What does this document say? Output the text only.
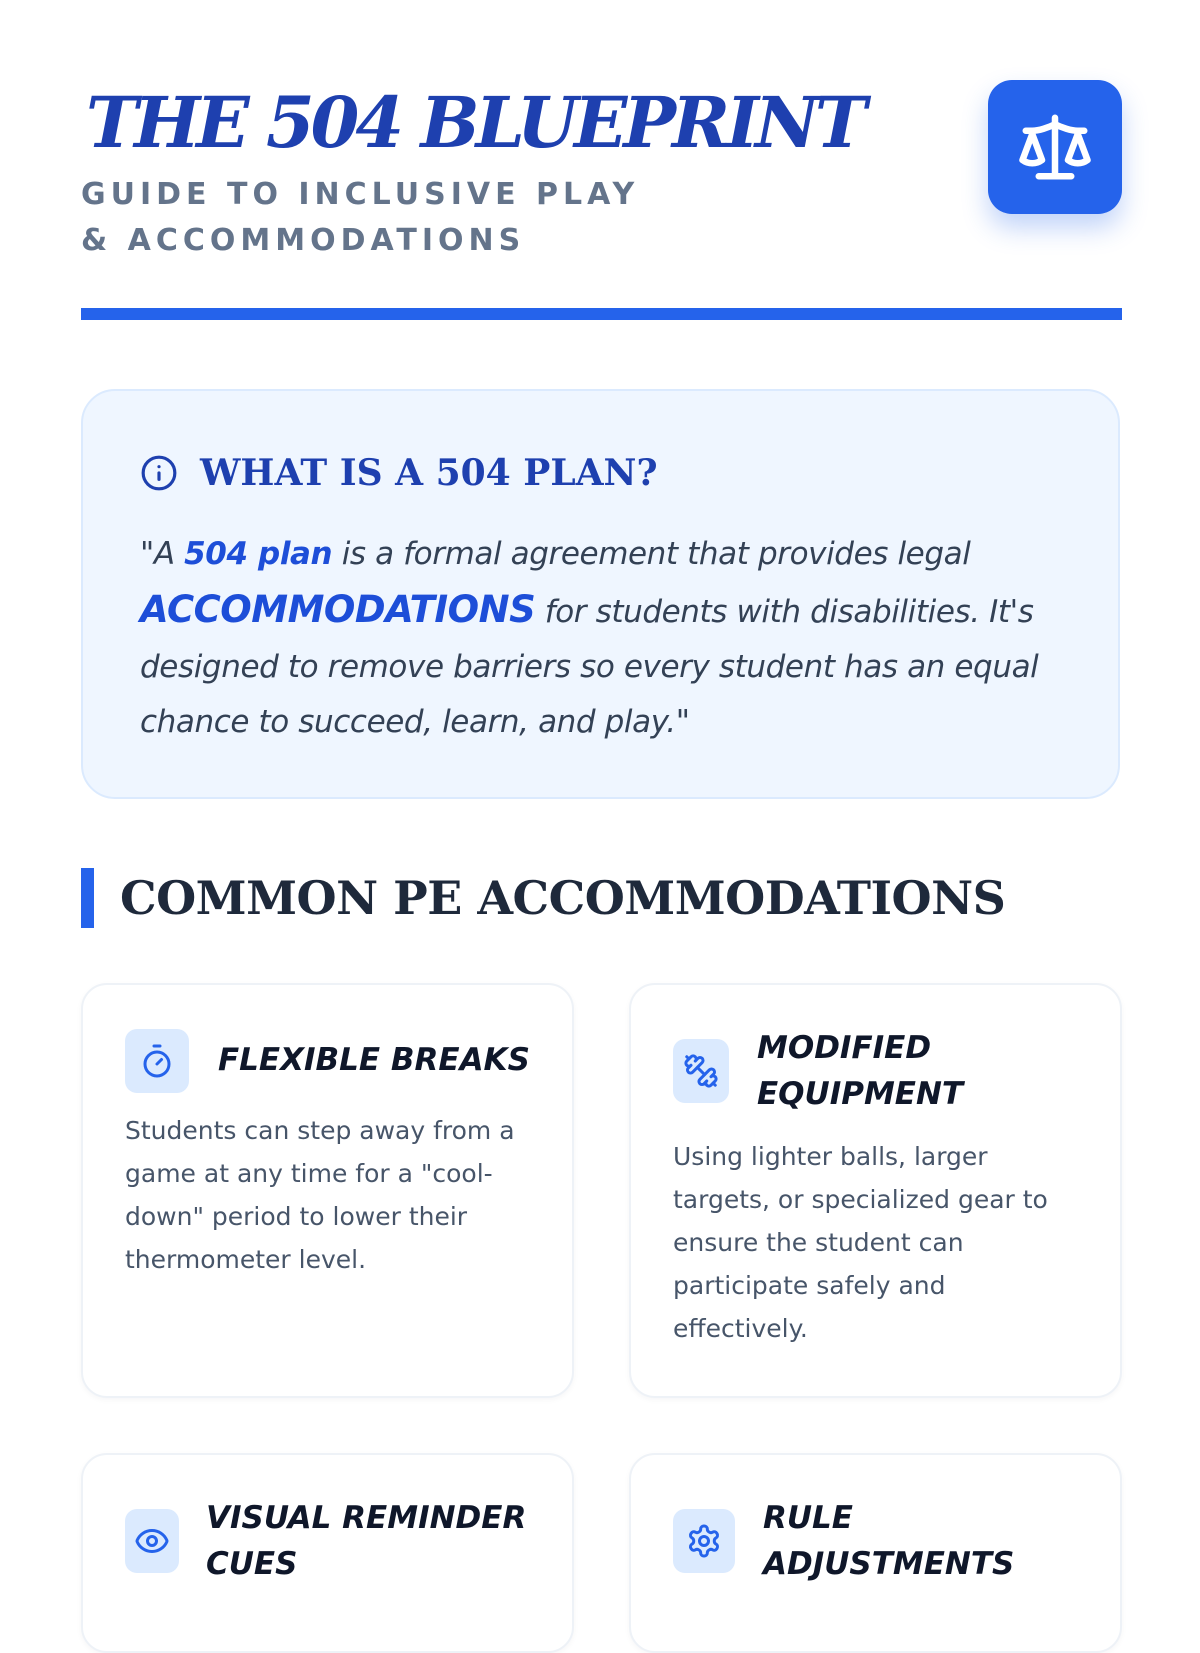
THE 504 BLUEPRINT

GUIDE TO INCLUSIVE PLAY & ACCOMMODATIONS

WHAT IS A 504 PLAN?

"A 504 plan is a formal agreement that provides legal ACCOMMODATIONS for students with disabilities. It's designed to remove barriers so every student has an equal chance to succeed, learn, and play."

COMMON PE ACCOMMODATIONS
FLEXIBLE BREAKS

Students can step away from a game at any time for a "cool-down" period to lower their thermometer level.

MODIFIED EQUIPMENT

Using lighter balls, larger targets, or specialized gear to ensure the student can participate safely and effectively.

VISUAL REMINDER CUES

RULE ADJUSTMENTS
